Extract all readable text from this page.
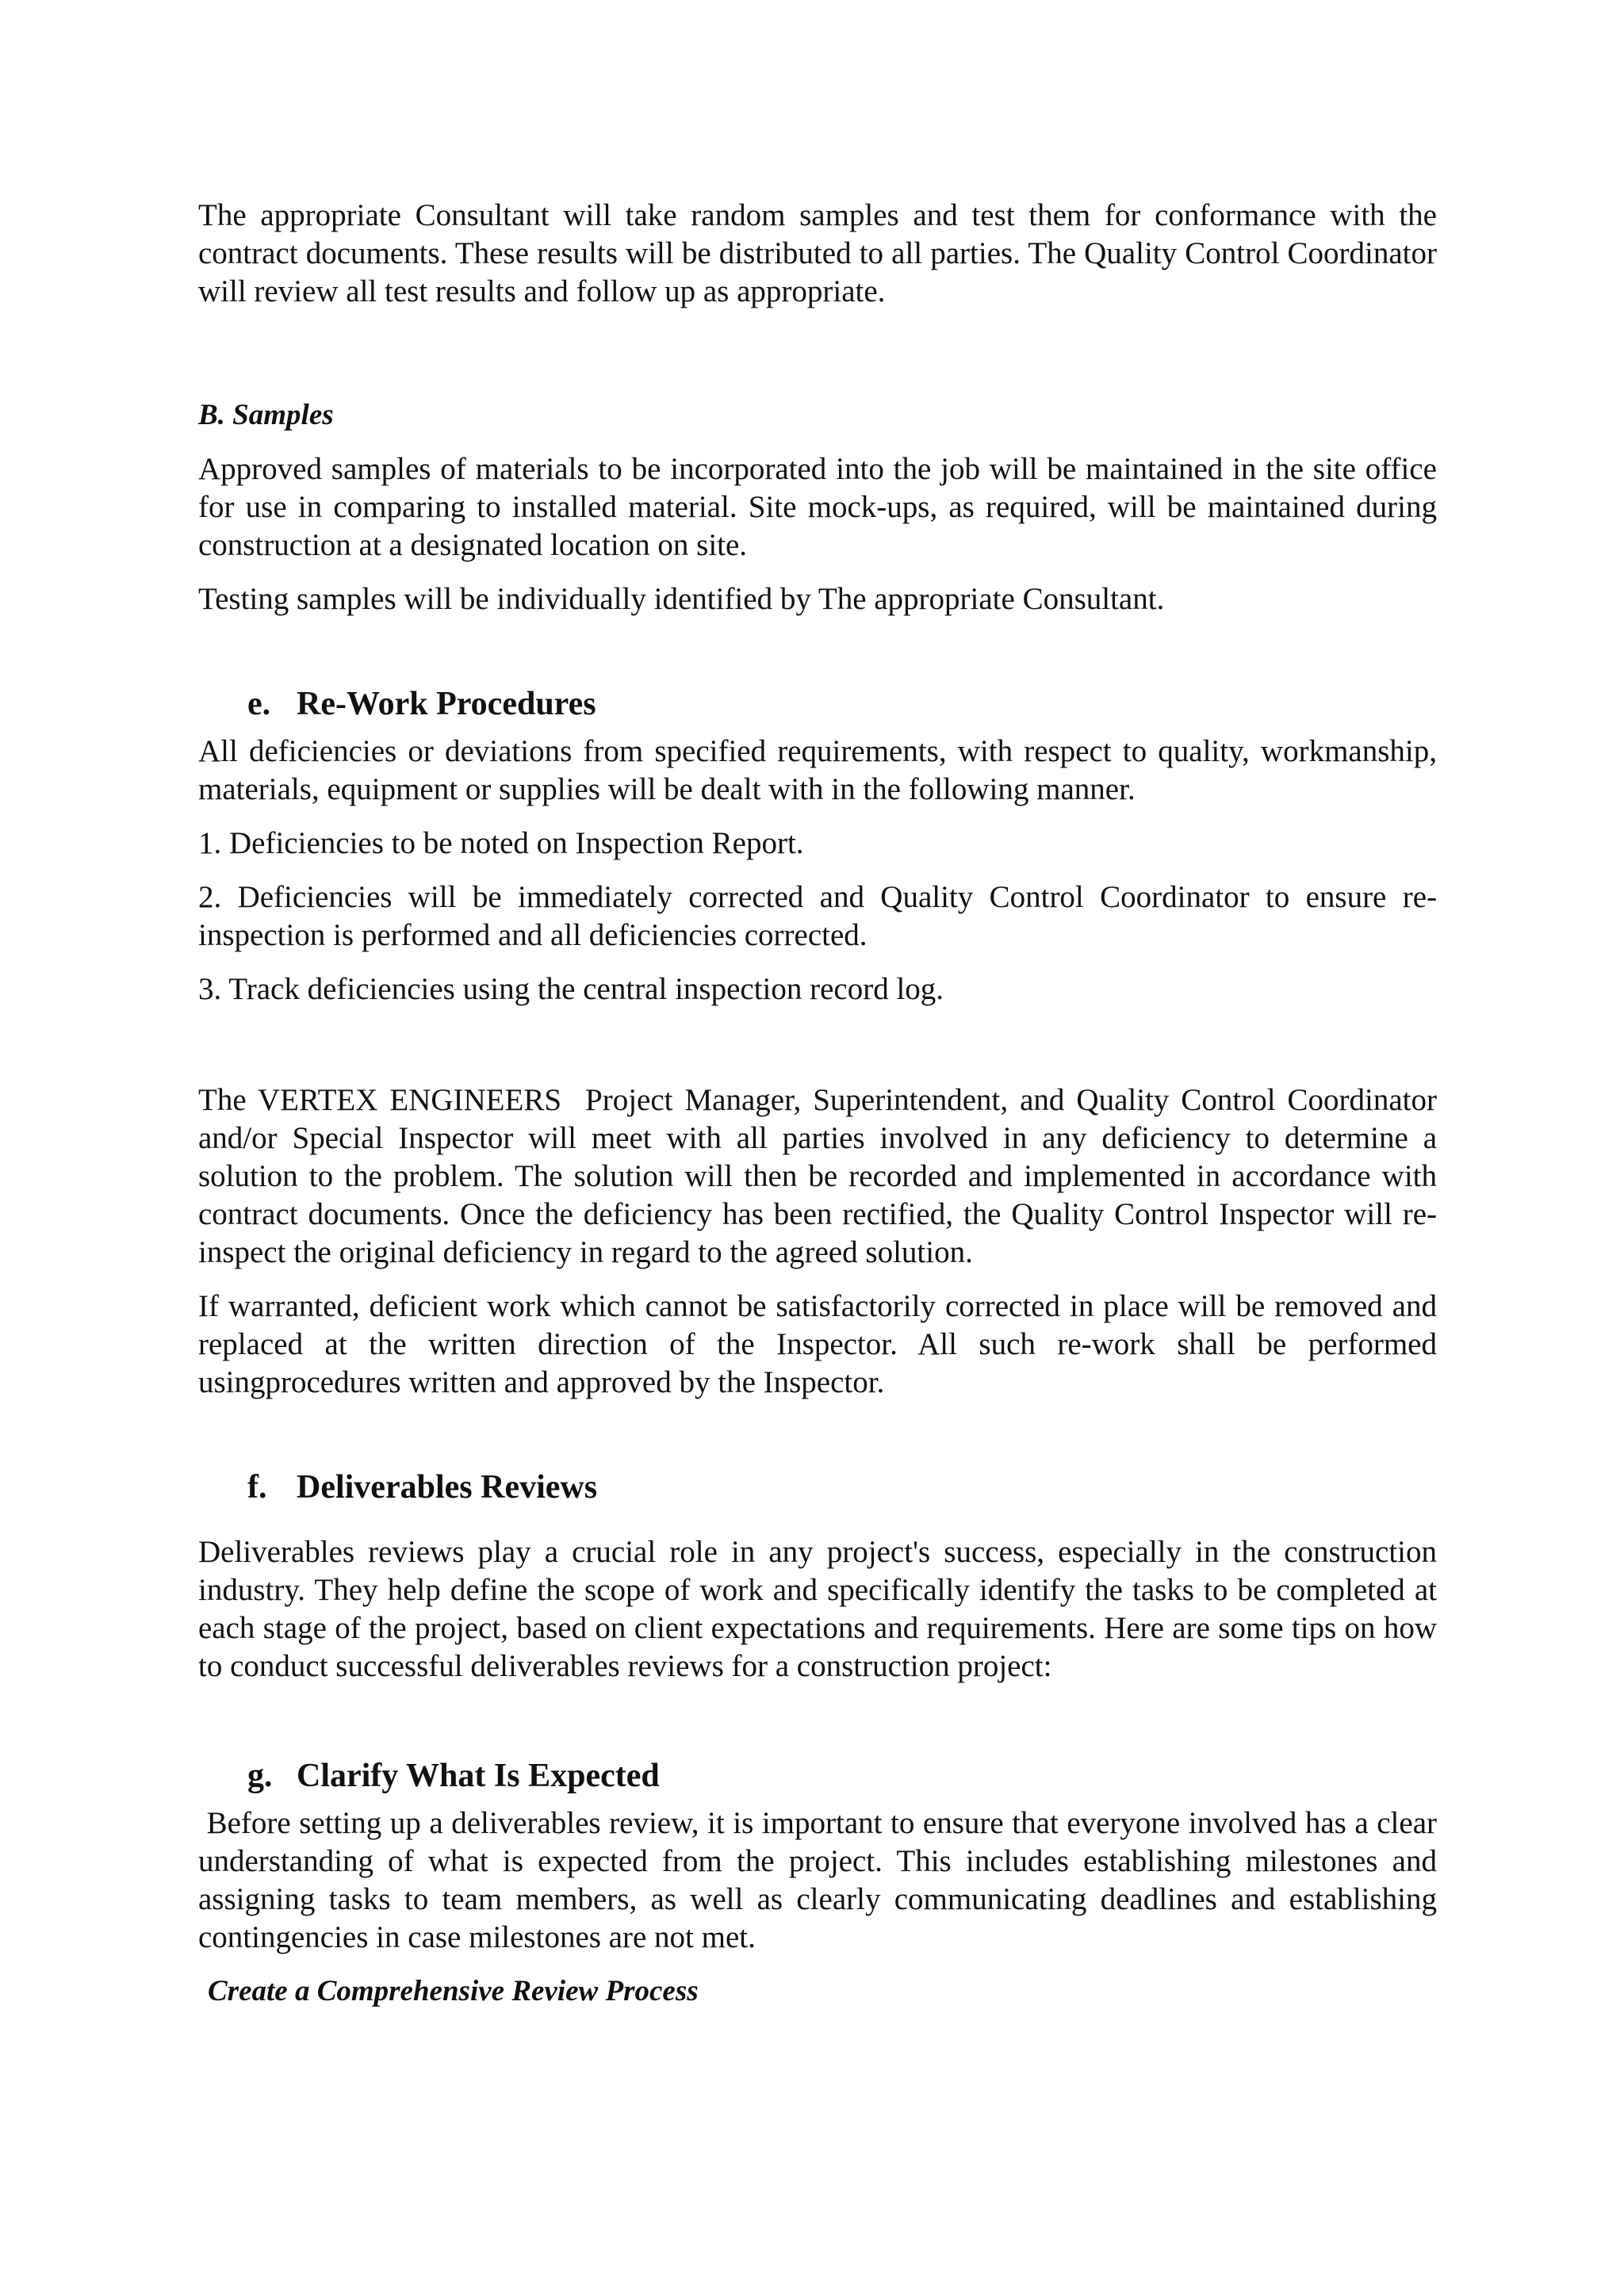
The appropriate Consultant will take random samples and test them for conformance with the contract documents. These results will be distributed to all parties. The Quality Control Coordinator will review all test results and follow up as appropriate.

B. Samples

Approved samples of materials to be incorporated into the job will be maintained in the site office for use in comparing to installed material. Site mock-ups, as required, will be maintained during construction at a designated location on site.

Testing samples will be individually identified by The appropriate Consultant.

e. Re-Work Procedures

All deficiencies or deviations from specified requirements, with respect to quality, workmanship, materials, equipment or supplies will be dealt with in the following manner.

1. Deficiencies to be noted on Inspection Report.

2. Deficiencies will be immediately corrected and Quality Control Coordinator to ensure re-inspection is performed and all deficiencies corrected.

3. Track deficiencies using the central inspection record log.

The VERTEX ENGINEERS  Project Manager, Superintendent, and Quality Control Coordinator and/or Special Inspector will meet with all parties involved in any deficiency to determine a solution to the problem. The solution will then be recorded and implemented in accordance with contract documents. Once the deficiency has been rectified, the Quality Control Inspector will re-inspect the original deficiency in regard to the agreed solution.

If warranted, deficient work which cannot be satisfactorily corrected in place will be removed and replaced at the written direction of the Inspector. All such re-work shall be performed usingprocedures written and approved by the Inspector.

f. Deliverables Reviews

Deliverables reviews play a crucial role in any project's success, especially in the construction industry. They help define the scope of work and specifically identify the tasks to be completed at each stage of the project, based on client expectations and requirements. Here are some tips on how to conduct successful deliverables reviews for a construction project:

g. Clarify What Is Expected

Before setting up a deliverables review, it is important to ensure that everyone involved has a clear understanding of what is expected from the project. This includes establishing milestones and assigning tasks to team members, as well as clearly communicating deadlines and establishing contingencies in case milestones are not met.

Create a Comprehensive Review Process
